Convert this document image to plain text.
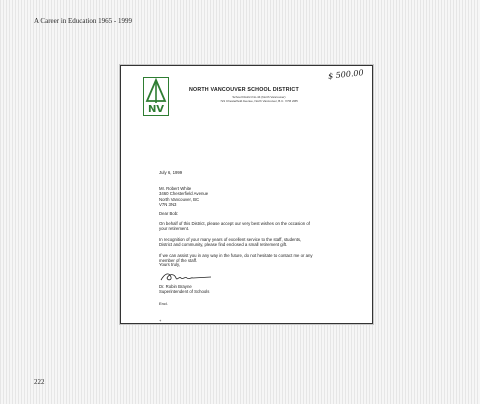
A Career in Education 1965 - 1999
NV
$ 500.00
NORTH VANCOUVER SCHOOL DISTRICT
School District No.44 (North Vancouver)
721 Chesterfield Avenue, North Vancouver, B.C. V7M 2M5
July 6, 1999
Mr. Robert White
3460 Chesterfield Avenue
North Vancouver, BC
V7N 3N3
Dear Bob:
On behalf of this District, please accept our very best wishes on the occasion of
your retirement.
In recognition of your many years of excellent service to the staff, students,
District and community, please find enclosed a small retirement gift.
If we can assist you in any way in the future, do not hesitate to contact me or any
member of the staff.
Yours truly,
Dr. Robin Brayne
Superintendent of Schools
Encl.
+
222
